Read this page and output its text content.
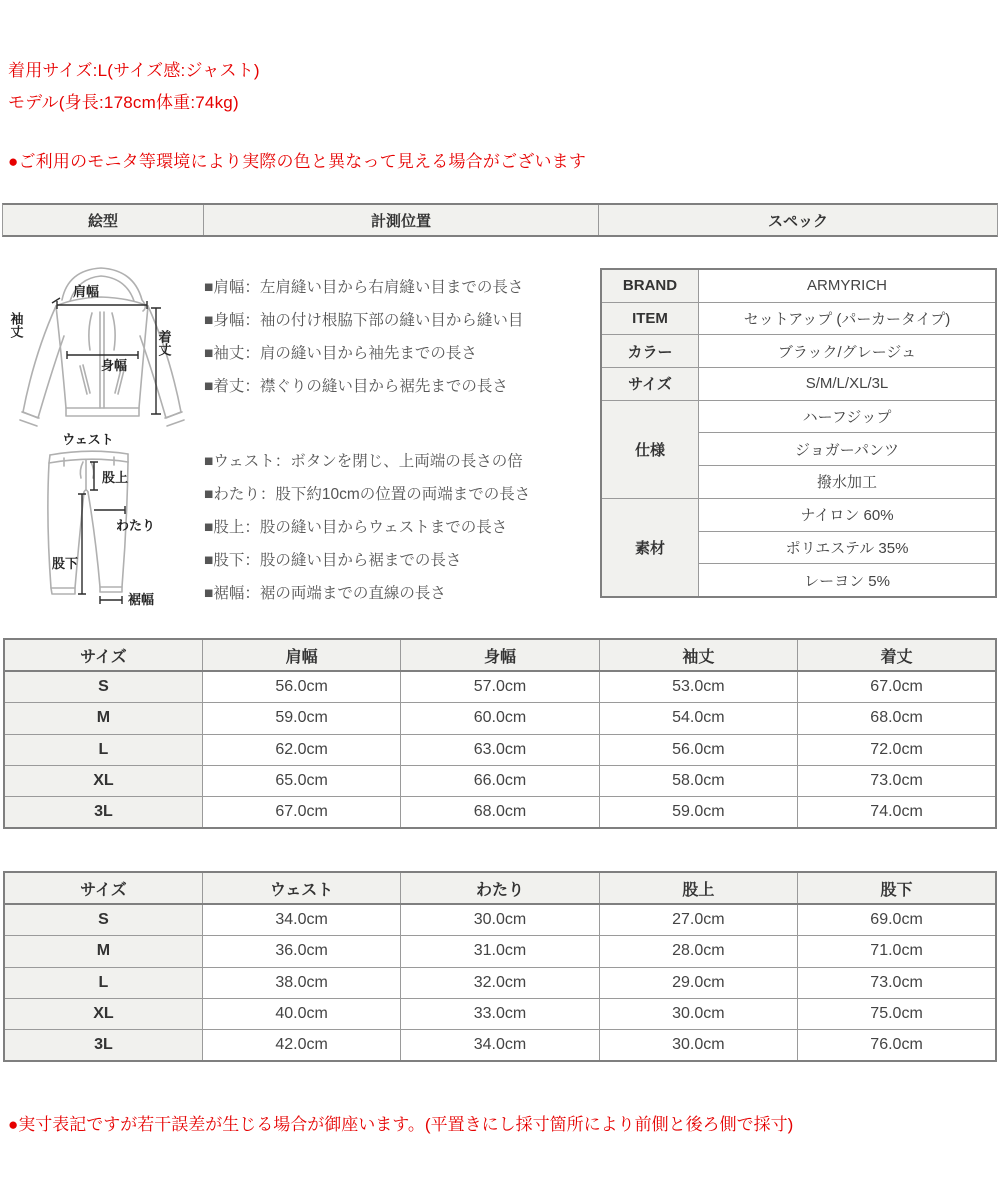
着用サイズ:L(サイズ感:ジャスト)
モデル(身長:178cm体重:74kg)
●ご利用のモニタ等環境により実際の色と異なって見える場合がございます
絵型	計測位置	スペック
肩幅
袖丈
身幅
着丈
ウェスト
股上
わたり
股下
裾幅
■肩幅：左肩縫い目から右肩縫い目までの長さ
■身幅：袖の付け根脇下部の縫い目から縫い目
■袖丈：肩の縫い目から袖先までの長さ
■着丈：襟ぐりの縫い目から裾先までの長さ
■ウェスト：ボタンを閉じ、上両端の長さの倍
■わたり：股下約10cmの位置の両端までの長さ
■股上：股の縫い目からウェストまでの長さ
■股下：股の縫い目から裾までの長さ
■裾幅：裾の両端までの直線の長さ
BRAND	ARMYRICH
ITEM	セットアップ (パーカータイプ)
カラー	ブラック/グレージュ
サイズ	S/M/L/XL/3L
仕様	ハーフジップ
	ジョガーパンツ
	撥水加工
素材	ナイロン 60%
	ポリエステル 35%
	レーヨン 5%
サイズ	肩幅	身幅	袖丈	着丈
S	56.0cm	57.0cm	53.0cm	67.0cm
M	59.0cm	60.0cm	54.0cm	68.0cm
L	62.0cm	63.0cm	56.0cm	72.0cm
XL	65.0cm	66.0cm	58.0cm	73.0cm
3L	67.0cm	68.0cm	59.0cm	74.0cm
サイズ	ウェスト	わたり	股上	股下
S	34.0cm	30.0cm	27.0cm	69.0cm
M	36.0cm	31.0cm	28.0cm	71.0cm
L	38.0cm	32.0cm	29.0cm	73.0cm
XL	40.0cm	33.0cm	30.0cm	75.0cm
3L	42.0cm	34.0cm	30.0cm	76.0cm
●実寸表記ですが若干誤差が生じる場合が御座います。(平置きにし採寸箇所により前側と後ろ側で採寸)
